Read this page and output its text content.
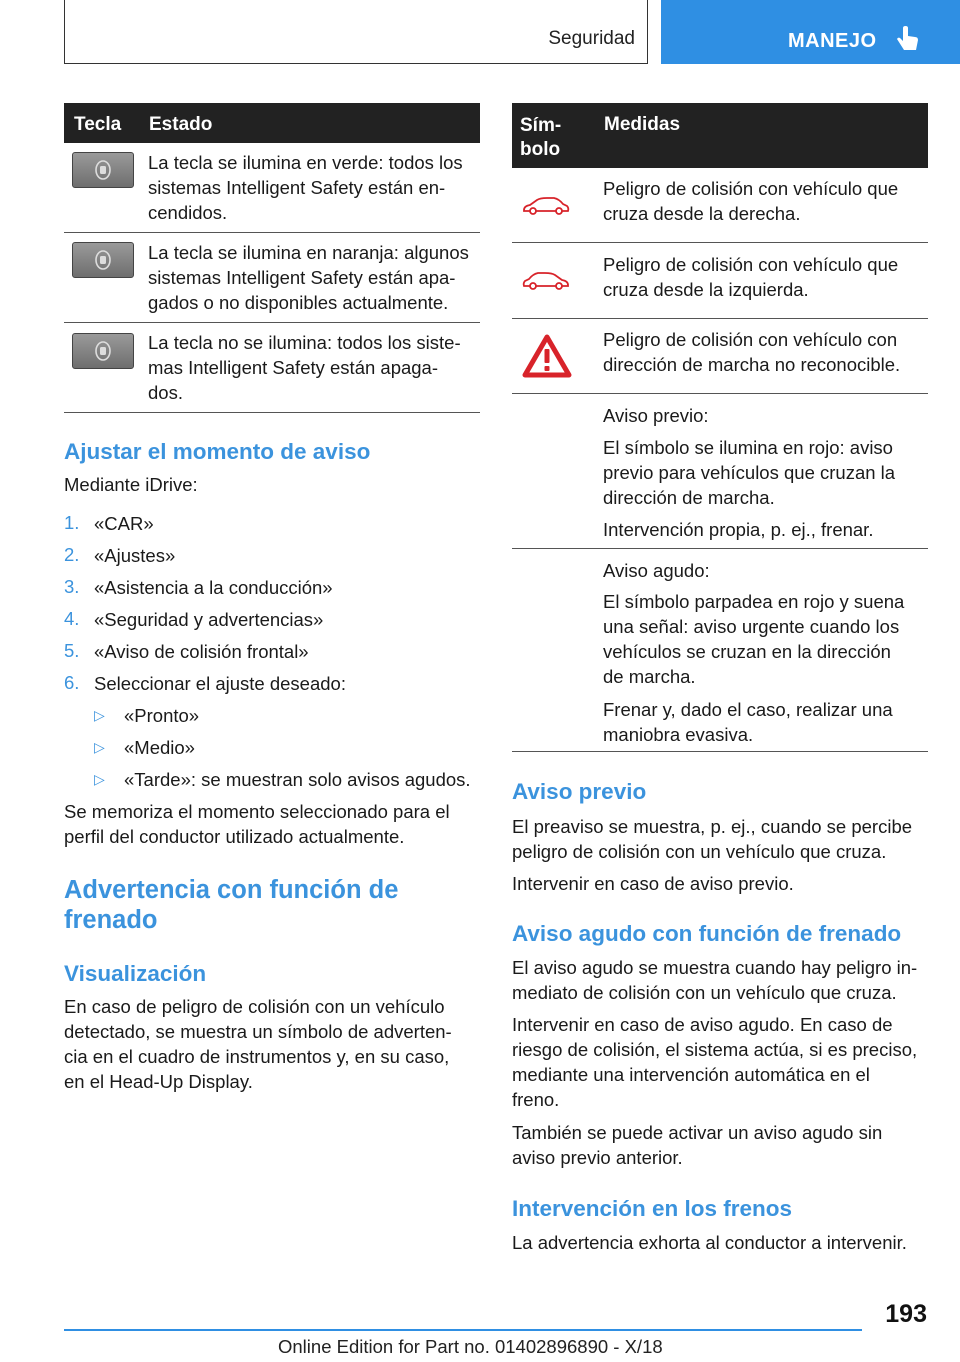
Seguridad	MANEJO
Tecla Estado
La tecla se ilumina en verde: todos los
sistemas Intelligent Safety están en-
cendidos.
La tecla se ilumina en naranja: algunos
sistemas Intelligent Safety están apa-
gados o no disponibles actualmente.
La tecla no se ilumina: todos los siste-
mas Intelligent Safety están apaga-
dos.
Ajustar el momento de aviso
Mediante iDrive:
1. «CAR»
2. «Ajustes»
3. «Asistencia a la conducción»
4. «Seguridad y advertencias»
5. «Aviso de colisión frontal»
6. Seleccionar el ajuste deseado:
▷ «Pronto»
▷ «Medio»
▷ «Tarde»: se muestran solo avisos agudos.
Se memoriza el momento seleccionado para el
perfil del conductor utilizado actualmente.
Advertencia con función de
frenado
Visualización
En caso de peligro de colisión con un vehículo
detectado, se muestra un símbolo de adverten-
cia en el cuadro de instrumentos y, en su caso,
en el Head-Up Display.
Sím-
bolo
Medidas
Peligro de colisión con vehículo que
cruza desde la derecha.
Peligro de colisión con vehículo que
cruza desde la izquierda.
Peligro de colisión con vehículo con
dirección de marcha no reconocible.
Aviso previo:
El símbolo se ilumina en rojo: aviso
previo para vehículos que cruzan la
dirección de marcha.
Intervención propia, p. ej., frenar.
Aviso agudo:
El símbolo parpadea en rojo y suena
una señal: aviso urgente cuando los
vehículos se cruzan en la dirección
de marcha.
Frenar y, dado el caso, realizar una
maniobra evasiva.
Aviso previo
El preaviso se muestra, p. ej., cuando se percibe
peligro de colisión con un vehículo que cruza.
Intervenir en caso de aviso previo.
Aviso agudo con función de frenado
El aviso agudo se muestra cuando hay peligro in-
mediato de colisión con un vehículo que cruza.
Intervenir en caso de aviso agudo. En caso de
riesgo de colisión, el sistema actúa, si es preciso,
mediante una intervención automática en el
freno.
También se puede activar un aviso agudo sin
aviso previo anterior.
Intervención en los frenos
La advertencia exhorta al conductor a intervenir.
193
Online Edition for Part no. 01402896890 - X/18
